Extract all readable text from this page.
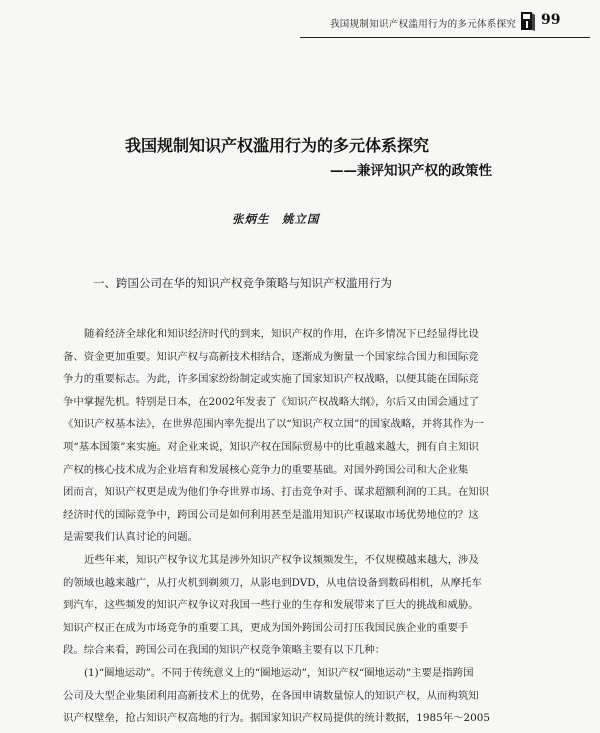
我国规制知识产权滥用行为的多元体系探究 99
我国规制知识产权滥用行为的多元体系探究
——兼评知识产权的政策性
张炳生　姚立国
一、跨国公司在华的知识产权竞争策略与知识产权滥用行为
随着经济全球化和知识经济时代的到来，知识产权的作用，在许多情况下已经显得比设
备、资金更加重要。知识产权与高新技术相结合，逐渐成为衡量一个国家综合国力和国际竞
争力的重要标志。为此，许多国家纷纷制定或实施了国家知识产权战略，以便其能在国际竞
争中掌握先机。特别是日本，在2002年发表了《知识产权战略大纲》，尔后又由国会通过了
《知识产权基本法》，在世界范围内率先提出了以“知识产权立国”的国家战略，并将其作为一
项“基本国策”来实施。对企业来说，知识产权在国际贸易中的比重越来越大，拥有自主知识
产权的核心技术成为企业培育和发展核心竞争力的重要基础。对国外跨国公司和大企业集
团而言，知识产权更是成为他们争夺世界市场、打击竞争对手、谋求超额利润的工具。在知识
经济时代的国际竞争中，跨国公司是如何利用甚至是滥用知识产权谋取市场优势地位的？这
是需要我们认真讨论的问题。
近些年来，知识产权争议尤其是涉外知识产权争议频频发生，不仅规模越来越大，涉及
的领域也越来越广，从打火机到剃须刀，从影电到DVD，从电信设备到数码相机，从摩托车
到汽车，这些频发的知识产权争议对我国一些行业的生存和发展带来了巨大的挑战和威胁。
知识产权正在成为市场竞争的重要工具，更成为国外跨国公司打压我国民族企业的重要手
段。综合来看，跨国公司在我国的知识产权竞争策略主要有以下几种：
(1)“圈地运动”。不同于传统意义上的“圈地运动”，知识产权“圈地运动”主要是指跨国
公司及大型企业集团利用高新技术上的优势，在各国申请数量惊人的知识产权，从而构筑知
识产权壁垒，抢占知识产权高地的行为。据国家知识产权局提供的统计数据，1985年～2005
